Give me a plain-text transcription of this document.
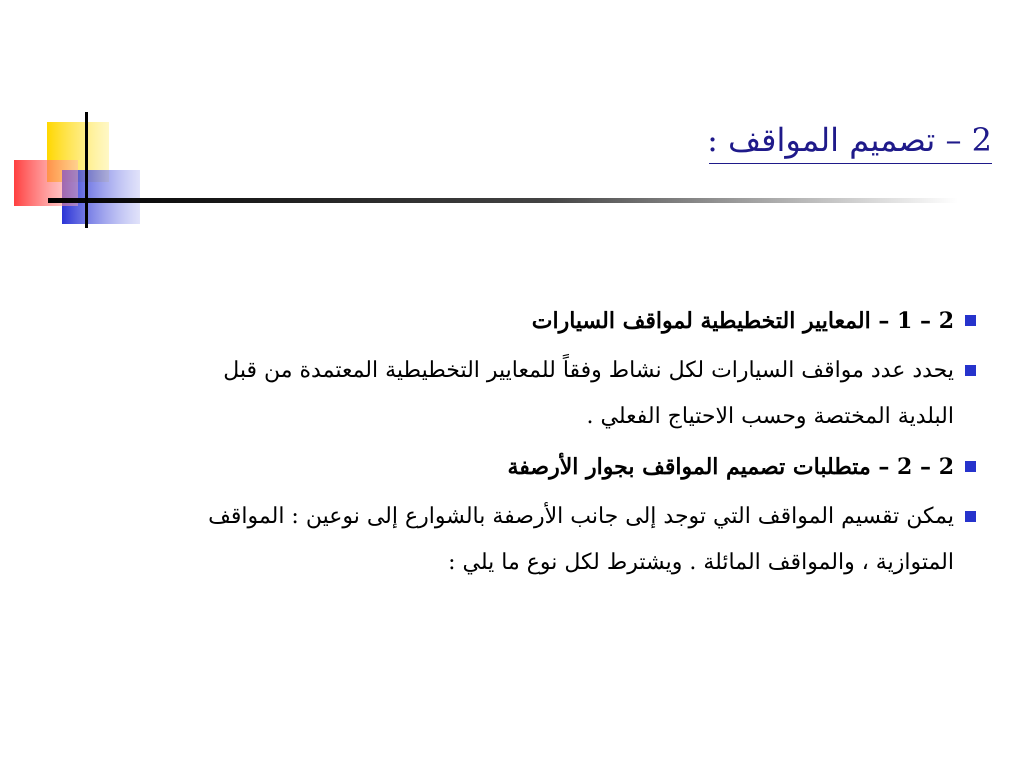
2 – تصميم المواقف :
2 – 1 – المعايير التخطيطية لمواقف السيارات
يحدد عدد مواقف السيارات لكل نشاط وفقاً للمعايير التخطيطية المعتمدة من قبل البلدية المختصة وحسب الاحتياج الفعلي .
2 – 2 – متطلبات تصميم المواقف بجوار الأرصفة
يمكن تقسيم المواقف التي توجد إلى جانب الأرصفة بالشوارع إلى نوعين : المواقف المتوازية ، والمواقف المائلة . ويشترط لكل نوع ما يلي :
